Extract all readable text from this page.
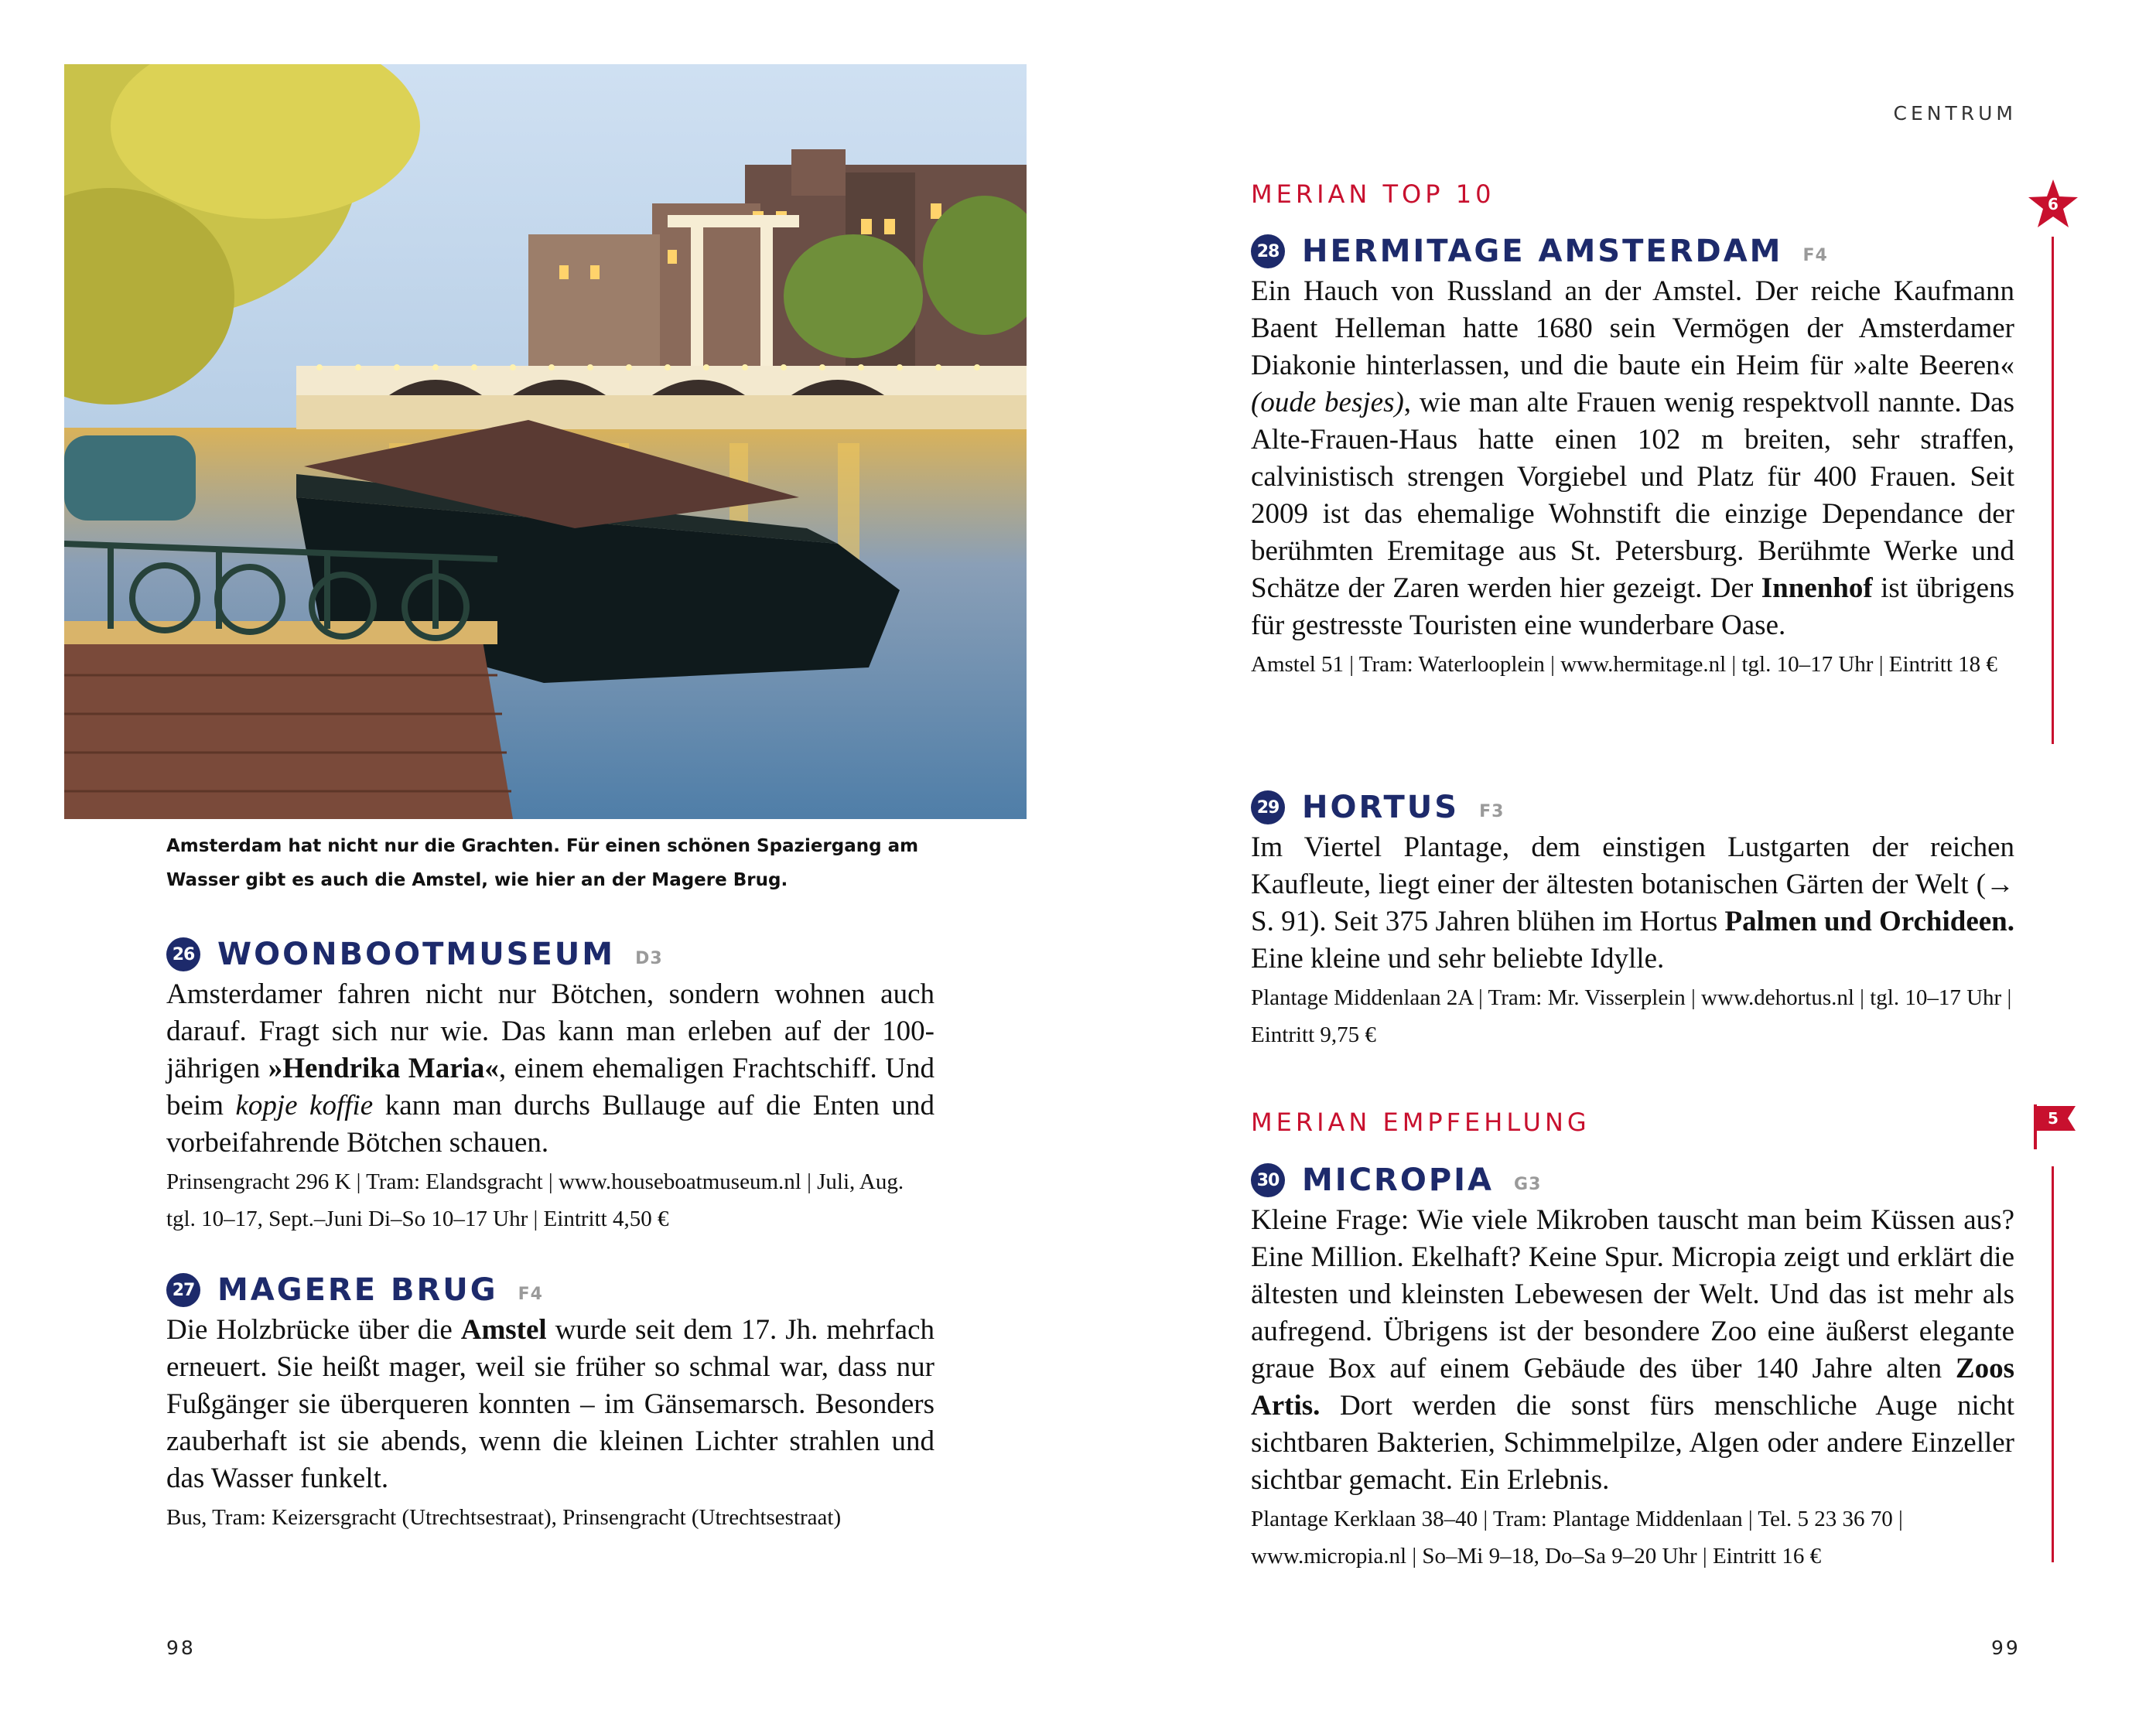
Amsterdam hat nicht nur die Grachten. Für einen schönen Spaziergang am Wasser gibt es auch die Amstel, wie hier an der Magere Brug.
26 WOONBOOTMUSEUM D3
Amsterdamer fahren nicht nur Bötchen, sondern wohnen auch darauf. Fragt sich nur wie. Das kann man erleben auf der 100-jährigen »Hendrika Maria«, einem ehemaligen Frachtschiff. Und beim kopje koffie kann man durchs Bullauge auf die Enten und vorbeifahrende Bötchen schauen.
Prinsengracht 296 K | Tram: Elandsgracht | www.houseboatmuseum.nl | Juli, Aug. tgl. 10–17, Sept.–Juni Di–So 10–17 Uhr | Eintritt 4,50 €
27 MAGERE BRUG F4
Die Holzbrücke über die Amstel wurde seit dem 17. Jh. mehrfach erneuert. Sie heißt mager, weil sie früher so schmal war, dass nur Fußgänger sie überqueren konnten – im Gänsemarsch. Besonders zauberhaft ist sie abends, wenn die kleinen Lichter strahlen und das Wasser funkelt.
Bus, Tram: Keizersgracht (Utrechtsestraat), Prinsengracht (Utrechtsestraat)
98
CENTRUM
MERIAN TOP 10	6
28 HERMITAGE AMSTERDAM F4
Ein Hauch von Russland an der Amstel. Der reiche Kaufmann Baent Helleman hatte 1680 sein Vermögen der Amsterdamer Diakonie hinterlassen, und die baute ein Heim für »alte Beeren« (oude besjes), wie man alte Frauen wenig respektvoll nannte. Das Alte-Frauen-Haus hatte einen 102 m breiten, sehr straffen, calvinistisch strengen Vorgiebel und Platz für 400 Frauen. Seit 2009 ist das ehemalige Wohnstift die einzige Dependance der berühmten Eremitage aus St. Petersburg. Berühmte Werke und Schätze der Zaren werden hier gezeigt. Der Innenhof ist übrigens für gestresste Touristen eine wunderbare Oase.
Amstel 51 | Tram: Waterlooplein | www.hermitage.nl | tgl. 10–17 Uhr | Eintritt 18 €
29 HORTUS F3
Im Viertel Plantage, dem einstigen Lustgarten der reichen Kaufleute, liegt einer der ältesten botanischen Gärten der Welt (→ S. 91). Seit 375 Jahren blühen im Hortus Palmen und Orchideen. Eine kleine und sehr beliebte Idylle.
Plantage Middenlaan 2A | Tram: Mr. Visserplein | www.dehortus.nl | tgl. 10–17 Uhr | Eintritt 9,75 €
MERIAN EMPFEHLUNG	5
30 MICROPIA G3
Kleine Frage: Wie viele Mikroben tauscht man beim Küssen aus? Eine Million. Ekelhaft? Keine Spur. Micropia zeigt und erklärt die ältesten und kleinsten Lebewesen der Welt. Und das ist mehr als aufregend. Übrigens ist der besondere Zoo eine äußerst elegante graue Box auf einem Gebäude des über 140 Jahre alten Zoos Artis. Dort werden die sonst fürs menschliche Auge nicht sichtbaren Bakterien, Schimmelpilze, Algen oder andere Einzeller sichtbar gemacht. Ein Erlebnis.
Plantage Kerklaan 38–40 | Tram: Plantage Middenlaan | Tel. 5 23 36 70 | www.micropia.nl | So–Mi 9–18, Do–Sa 9–20 Uhr | Eintritt 16 €
99
